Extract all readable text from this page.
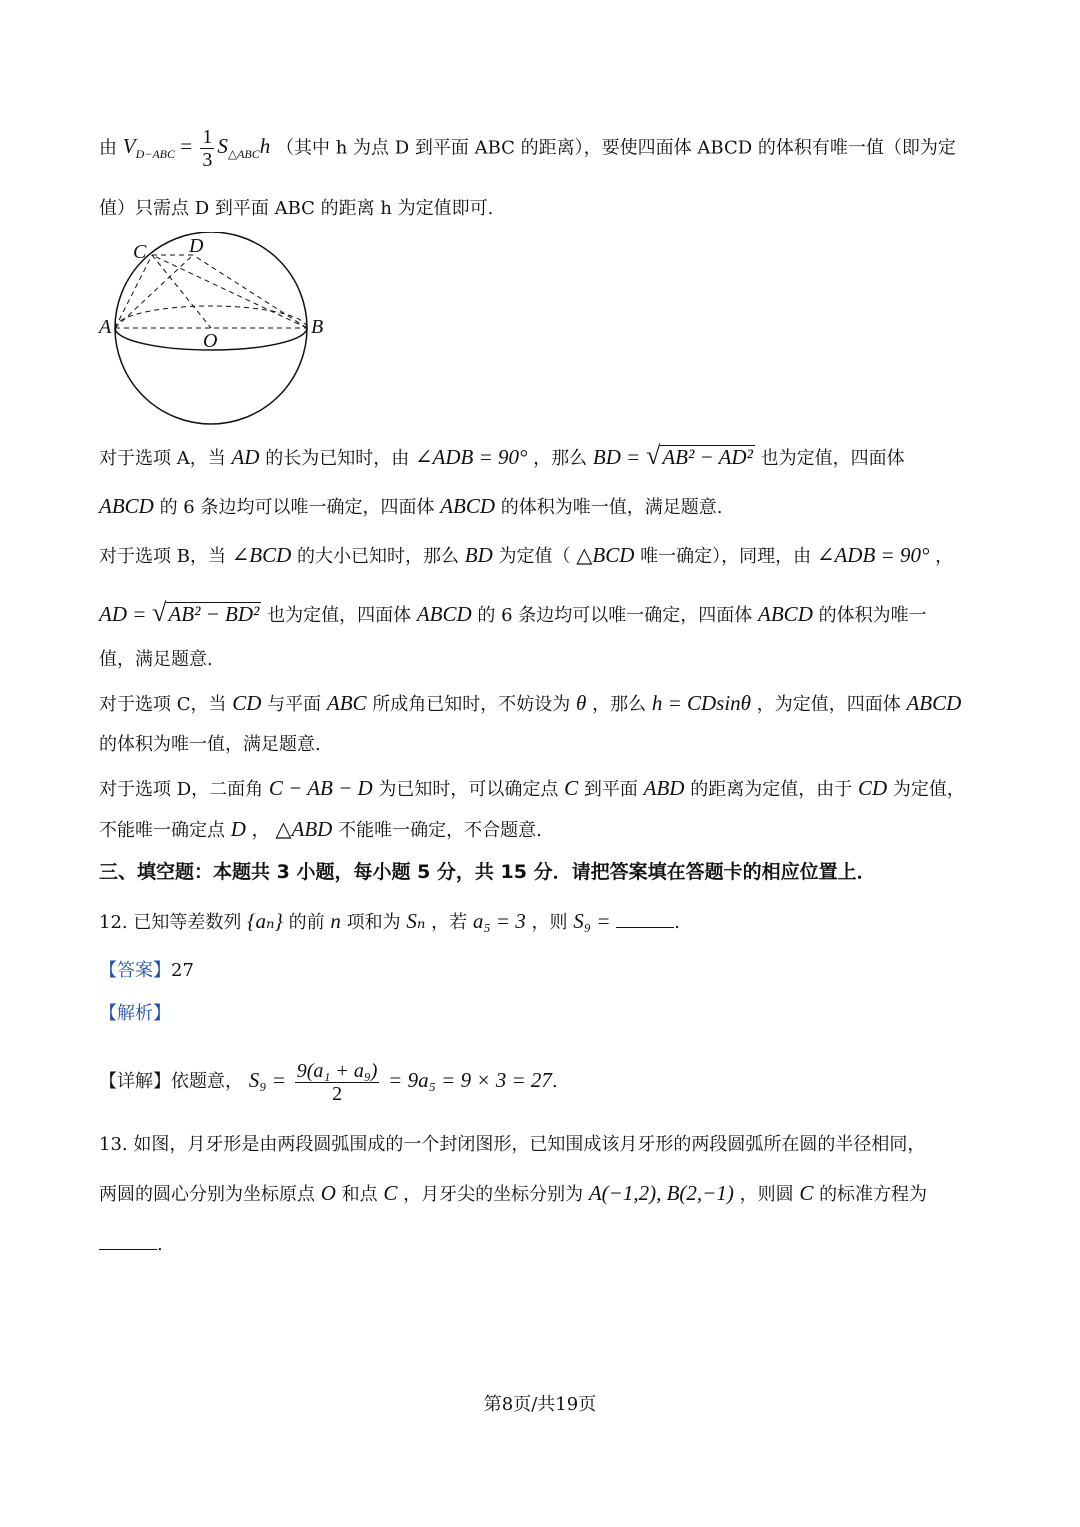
由 $V_{D-ABC} = \frac{1}{3} S_{\triangle ABC}h$ （其中 h 为点 D 到平面 ABC 的距离），要使四面体 ABCD 的体积有唯一值（即为定
值）只需点 D 到平面 ABC 的距离 h 为定值即可.
C D
A	B
O
对于选项 A，当 AD 的长为已知时，由 ∠ADB = 90° ，那么 BD = √AB² − AD² 也为定值，四面体
ABCD 的 6 条边均可以唯一确定，四面体 ABCD 的体积为唯一值，满足题意.
对于选项 B，当 ∠BCD 的大小已知时，那么 BD 为定值（ △BCD 唯一确定），同理，由 ∠ADB = 90° ，
AD = √AB² − BD² 也为定值，四面体 ABCD 的 6 条边均可以唯一确定，四面体 ABCD 的体积为唯一
值，满足题意.
对于选项 C，当 CD 与平面 ABC 所成角已知时，不妨设为 θ ，那么 h = CDsinθ ，为定值，四面体 ABCD
的体积为唯一值，满足题意.
对于选项 D，二面角 C − AB − D 为已知时，可以确定点 C 到平面 ABD 的距离为定值，由于 CD 为定值，
不能唯一确定点 D ， △ABD 不能唯一确定，不合题意.
三、填空题：本题共 3 小题，每小题 5 分，共 15 分．请把答案填在答题卡的相应位置上．
12. 已知等差数列 {aₙ} 的前 n 项和为 Sₙ ，若 a₅ = 3 ，则 S₉ =	.
【答案】27
【解析】
【详解】依题意， $S_9 = \frac{\text{9(a₁ + a₉)}}{2} = 9a_5 = 9 \times 3 = 27$.
13. 如图，月牙形是由两段圆弧围成的一个封闭图形，已知围成该月牙形的两段圆弧所在圆的半径相同，
两圆的圆心分别为坐标原点 O 和点 C ，月牙尖的坐标分别为 A(−1,2), B(2,−1) ，则圆 C 的标准方程为
.
第8页/共19页
